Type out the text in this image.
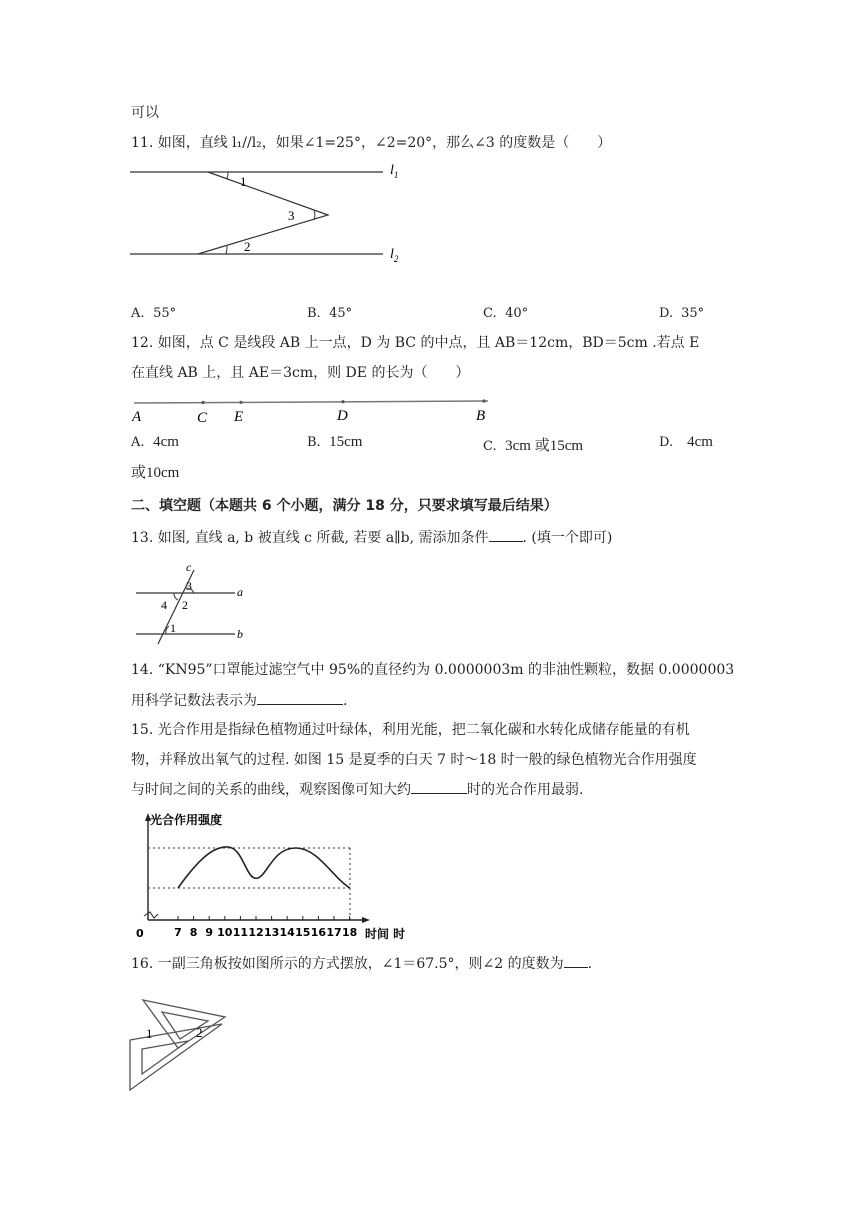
可以
11. 如图，直线 l₁//l₂，如果∠1=25°，∠2=20°，那么∠3 的度数是（　　）
1
3
2
$l_1$
$l_2$
A. 55°	B. 45°	C. 40°	D. 35°
12. 如图，点 C 是线段 AB 上一点，D 为 BC 的中点，且 AB＝12cm，BD＝5cm .若点 E
在直线 AB 上，且 AE＝3cm，则 DE 的长为（　　）
A	C E	D	B
A. 4cm	B. 15cm	C. 3cm 或15cm	D. 4cm
或10cm
二、填空题（本题共 6 个小题，满分 18 分，只要求填写最后结果）
13. 如图, 直线 a, b 被直线 c 所截, 若要 a∥b, 需添加条件 . (填一个即可)
c
3
4 2
1
a
b
14. “KN95”口罩能过滤空气中 95%的直径约为 0.0000003m 的非油性颗粒，数据 0.0000003
用科学记数法表示为	.
15. 光合作用是指绿色植物通过叶绿体，利用光能，把二氧化碳和水转化成储存能量的有机
物，并释放出氧气的过程. 如图 15 是夏季的白天 7 时～18 时一般的绿色植物光合作用强度
与时间之间的关系的曲线，观察图像可知大约	时的光合作用最弱.
光合作用强度
0	时间 时
7 8 9 10 11 12 13 14 15 16 17 18
16. 一副三角板按如图所示的方式摆放，∠1＝67.5°，则∠2 的度数为 .
1	2
